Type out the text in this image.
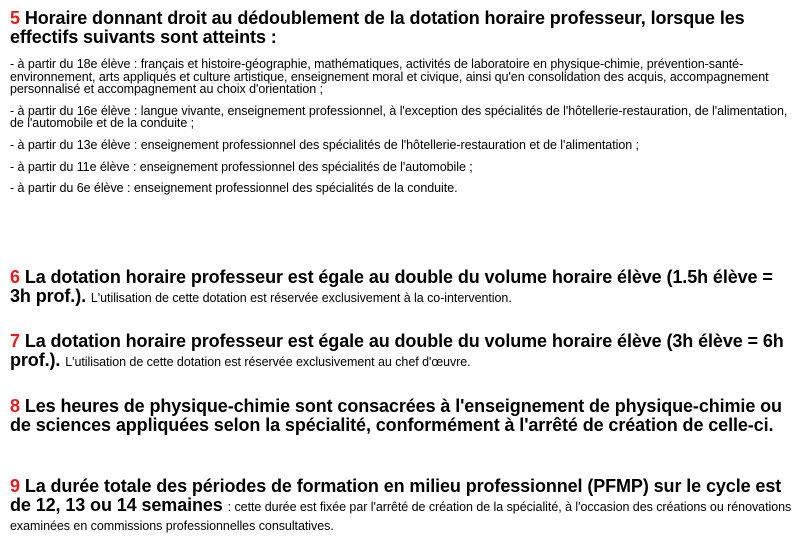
5 Horaire donnant droit au dédoublement de la dotation horaire professeur, lorsque les effectifs suivants sont atteints :

- à partir du 18e élève : français et histoire-géographie, mathématiques, activités de laboratoire en physique-chimie, prévention-santé-environnement, arts appliqués et culture artistique, enseignement moral et civique, ainsi qu'en consolidation des acquis, accompagnement personnalisé et accompagnement au choix d'orientation ;

- à partir du 16e élève : langue vivante, enseignement professionnel, à l'exception des spécialités de l'hôtellerie-restauration, de l'alimentation, de l'automobile et de la conduite ;

- à partir du 13e élève : enseignement professionnel des spécialités de l'hôtellerie-restauration et de l'alimentation ;

- à partir du 11e élève : enseignement professionnel des spécialités de l'automobile ;

- à partir du 6e élève : enseignement professionnel des spécialités de la conduite.

6 La dotation horaire professeur est égale au double du volume horaire élève (1.5h élève = 3h prof.). L'utilisation de cette dotation est réservée exclusivement à la co-intervention.
7 La dotation horaire professeur est égale au double du volume horaire élève (3h élève = 6h prof.). L'utilisation de cette dotation est réservée exclusivement au chef d'œuvre.
8 Les heures de physique-chimie sont consacrées à l'enseignement de physique-chimie ou de sciences appliquées selon la spécialité, conformément à l'arrêté de création de celle-ci.
9 La durée totale des périodes de formation en milieu professionnel (PFMP) sur le cycle est de 12, 13 ou 14 semaines : cette durée est fixée par l'arrêté de création de la spécialité, à l'occasion des créations ou rénovations examinées en commissions professionnelles consultatives.
